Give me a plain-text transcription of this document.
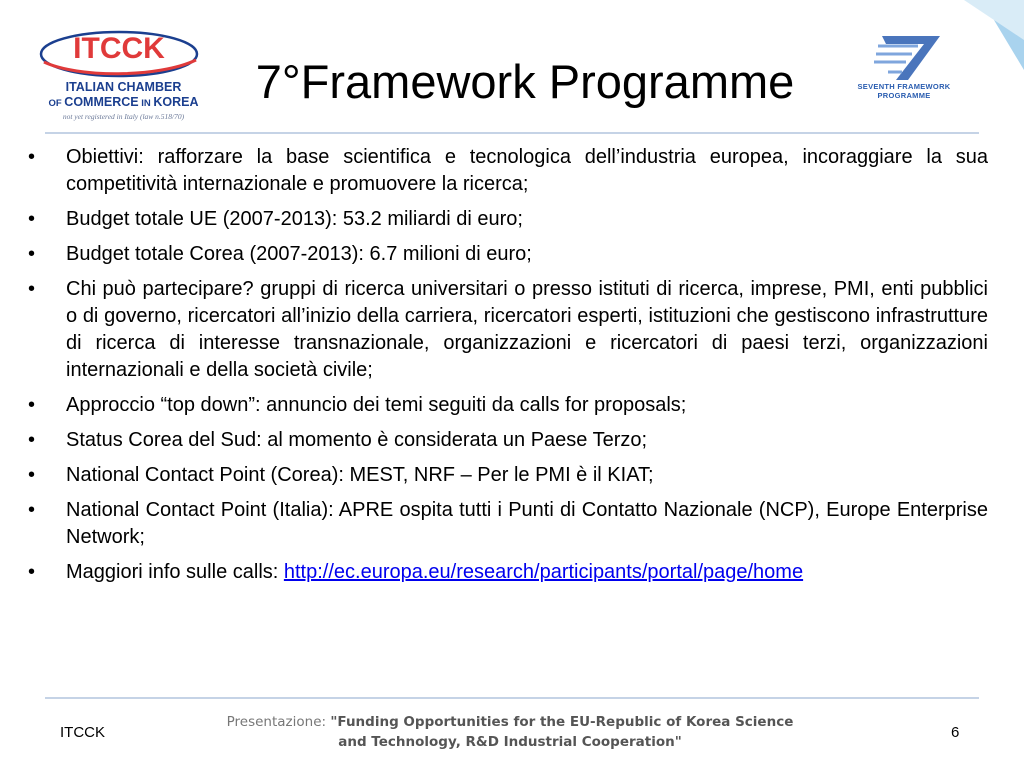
ITCCK
ITALIAN CHAMBER
OF COMMERCE IN KOREA
not yet registered in Italy (law n.518/70)
7°Framework Programme	SEVENTH FRAMEWORK
PROGRAMME
•	Obiettivi: rafforzare la base scientifica e tecnologica dell’industria europea, incoraggiare la sua competitività internazionale e promuovere la ricerca;
•	Budget totale UE (2007-2013): 53.2 miliardi di euro;
•	Budget totale Corea (2007-2013): 6.7 milioni di euro;
•	Chi può partecipare? gruppi di ricerca universitari o presso istituti di ricerca, imprese, PMI, enti pubblici o di governo, ricercatori all’inizio della carriera, ricercatori esperti, istituzioni che gestiscono infrastrutture di ricerca di interesse transnazionale, organizzazioni e ricercatori di paesi terzi, organizzazioni internazionali e della società civile;
•	Approccio “top down”: annuncio dei temi seguiti da calls for proposals;
•	Status Corea del Sud: al momento è considerata un Paese Terzo;
•	National Contact Point (Corea): MEST, NRF – Per le PMI è il KIAT;
•	National Contact Point (Italia): APRE ospita tutti i Punti di Contatto Nazionale (NCP), Europe Enterprise Network;
•	Maggiori info sulle calls: http://ec.europa.eu/research/participants/portal/page/home
ITCCK
Presentazione: "Funding Opportunities for the EU-Republic of Korea Science
and Technology, R&D Industrial Cooperation"
6
